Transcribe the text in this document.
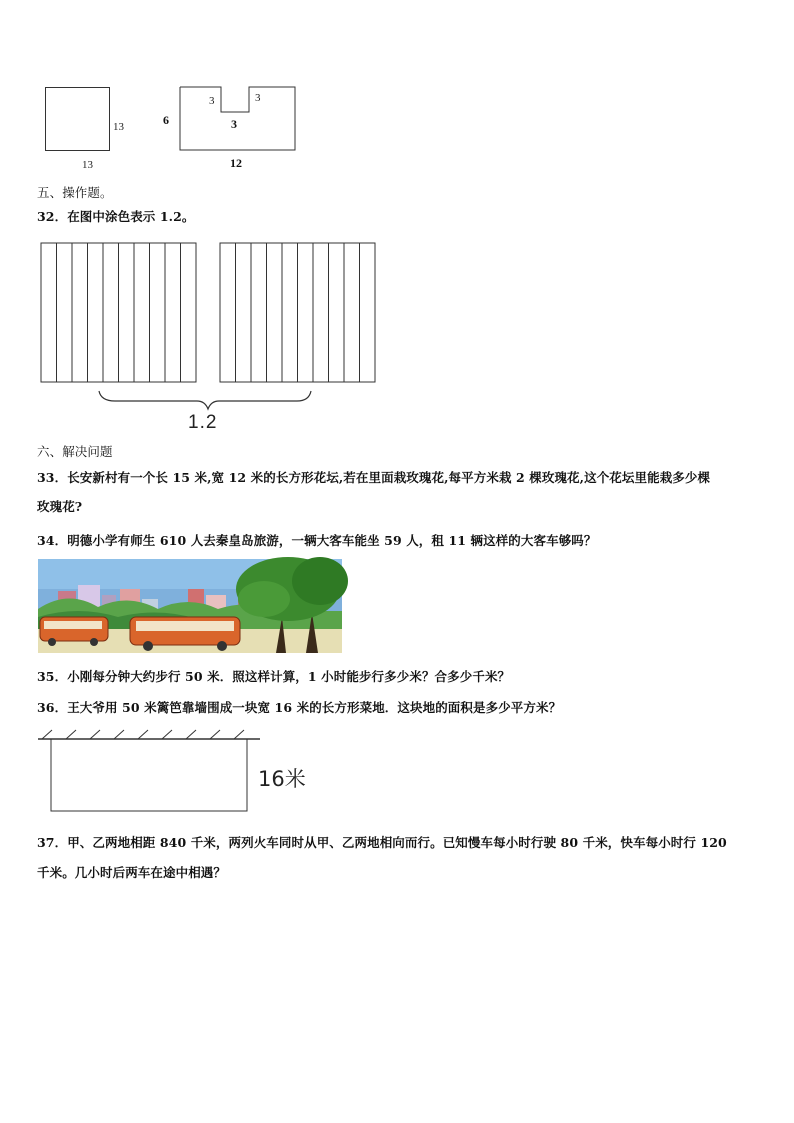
13
13
6
3	3
3
12
五、操作题。
32．在图中涂色表示 1.2。
1.2
六、解决问题
33．长安新村有一个长 15 米,宽 12 米的长方形花坛,若在里面栽玫瑰花,每平方米栽 2 棵玫瑰花,这个花坛里能栽多少棵
玫瑰花?
34．明德小学有师生 610 人去秦皇岛旅游，一辆大客车能坐 59 人，租 11 辆这样的大客车够吗？
35．小刚每分钟大约步行 50 米．照这样计算，1 小时能步行多少米？合多少千米？
36．王大爷用 50 米篱笆靠墙围成一块宽 16 米的长方形菜地．这块地的面积是多少平方米？
16米
37．甲、乙两地相距 840 千米，两列火车同时从甲、乙两地相向而行。已知慢车每小时行驶 80 千米，快车每小时行 120
千米。几小时后两车在途中相遇？
